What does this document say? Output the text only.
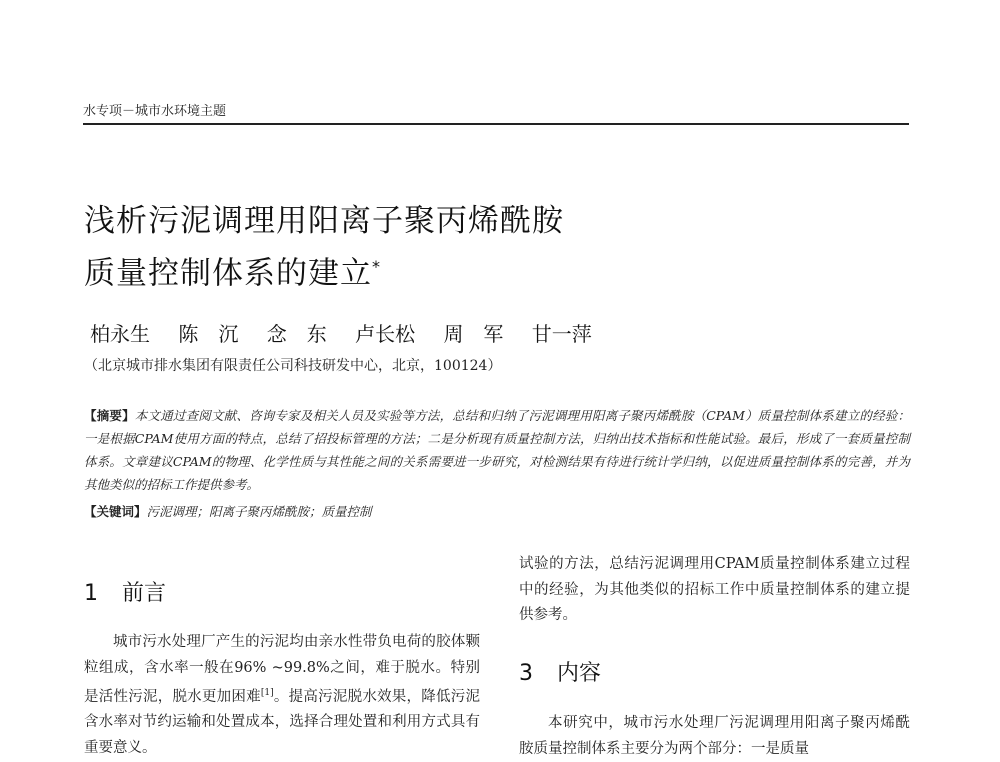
水专项－城市水环境主题
浅析污泥调理用阳离子聚丙烯酰胺
质量控制体系的建立*
柏永生 陈　沉 念　东 卢长松 周　军 甘一萍
（北京城市排水集团有限责任公司科技研发中心，北京，100124）
【摘要】本文通过查阅文献、咨询专家及相关人员及实验等方法，总结和归纳了污泥调理用阳离子聚丙烯酰胺（CPAM）质量控制体系建立的经验：一是根据CPAM使用方面的特点，总结了招投标管理的方法；二是分析现有质量控制方法，归纳出技术指标和性能试验。最后，形成了一套质量控制体系。文章建议CPAM的物理、化学性质与其性能之间的关系需要进一步研究，对检测结果有待进行统计学归纳，以促进质量控制体系的完善，并为其他类似的招标工作提供参考。
【关键词】污泥调理；阳离子聚丙烯酰胺；质量控制
1 前言
城市污水处理厂产生的污泥均由亲水性带负电荷的胶体颗粒组成，含水率一般在96% ~99.8%之间，难于脱水。特别是活性污泥，脱水更加困难[1]。提高污泥脱水效果，降低污泥含水率对节约运输和处置成本，选择合理处置和利用方式具有重要意义。
试验的方法，总结污泥调理用CPAM质量控制体系建立过程中的经验，为其他类似的招标工作中质量控制体系的建立提供参考。
3 内容
本研究中，城市污水处理厂污泥调理用阳离子聚丙烯酰胺质量控制体系主要分为两个部分：一是质量
